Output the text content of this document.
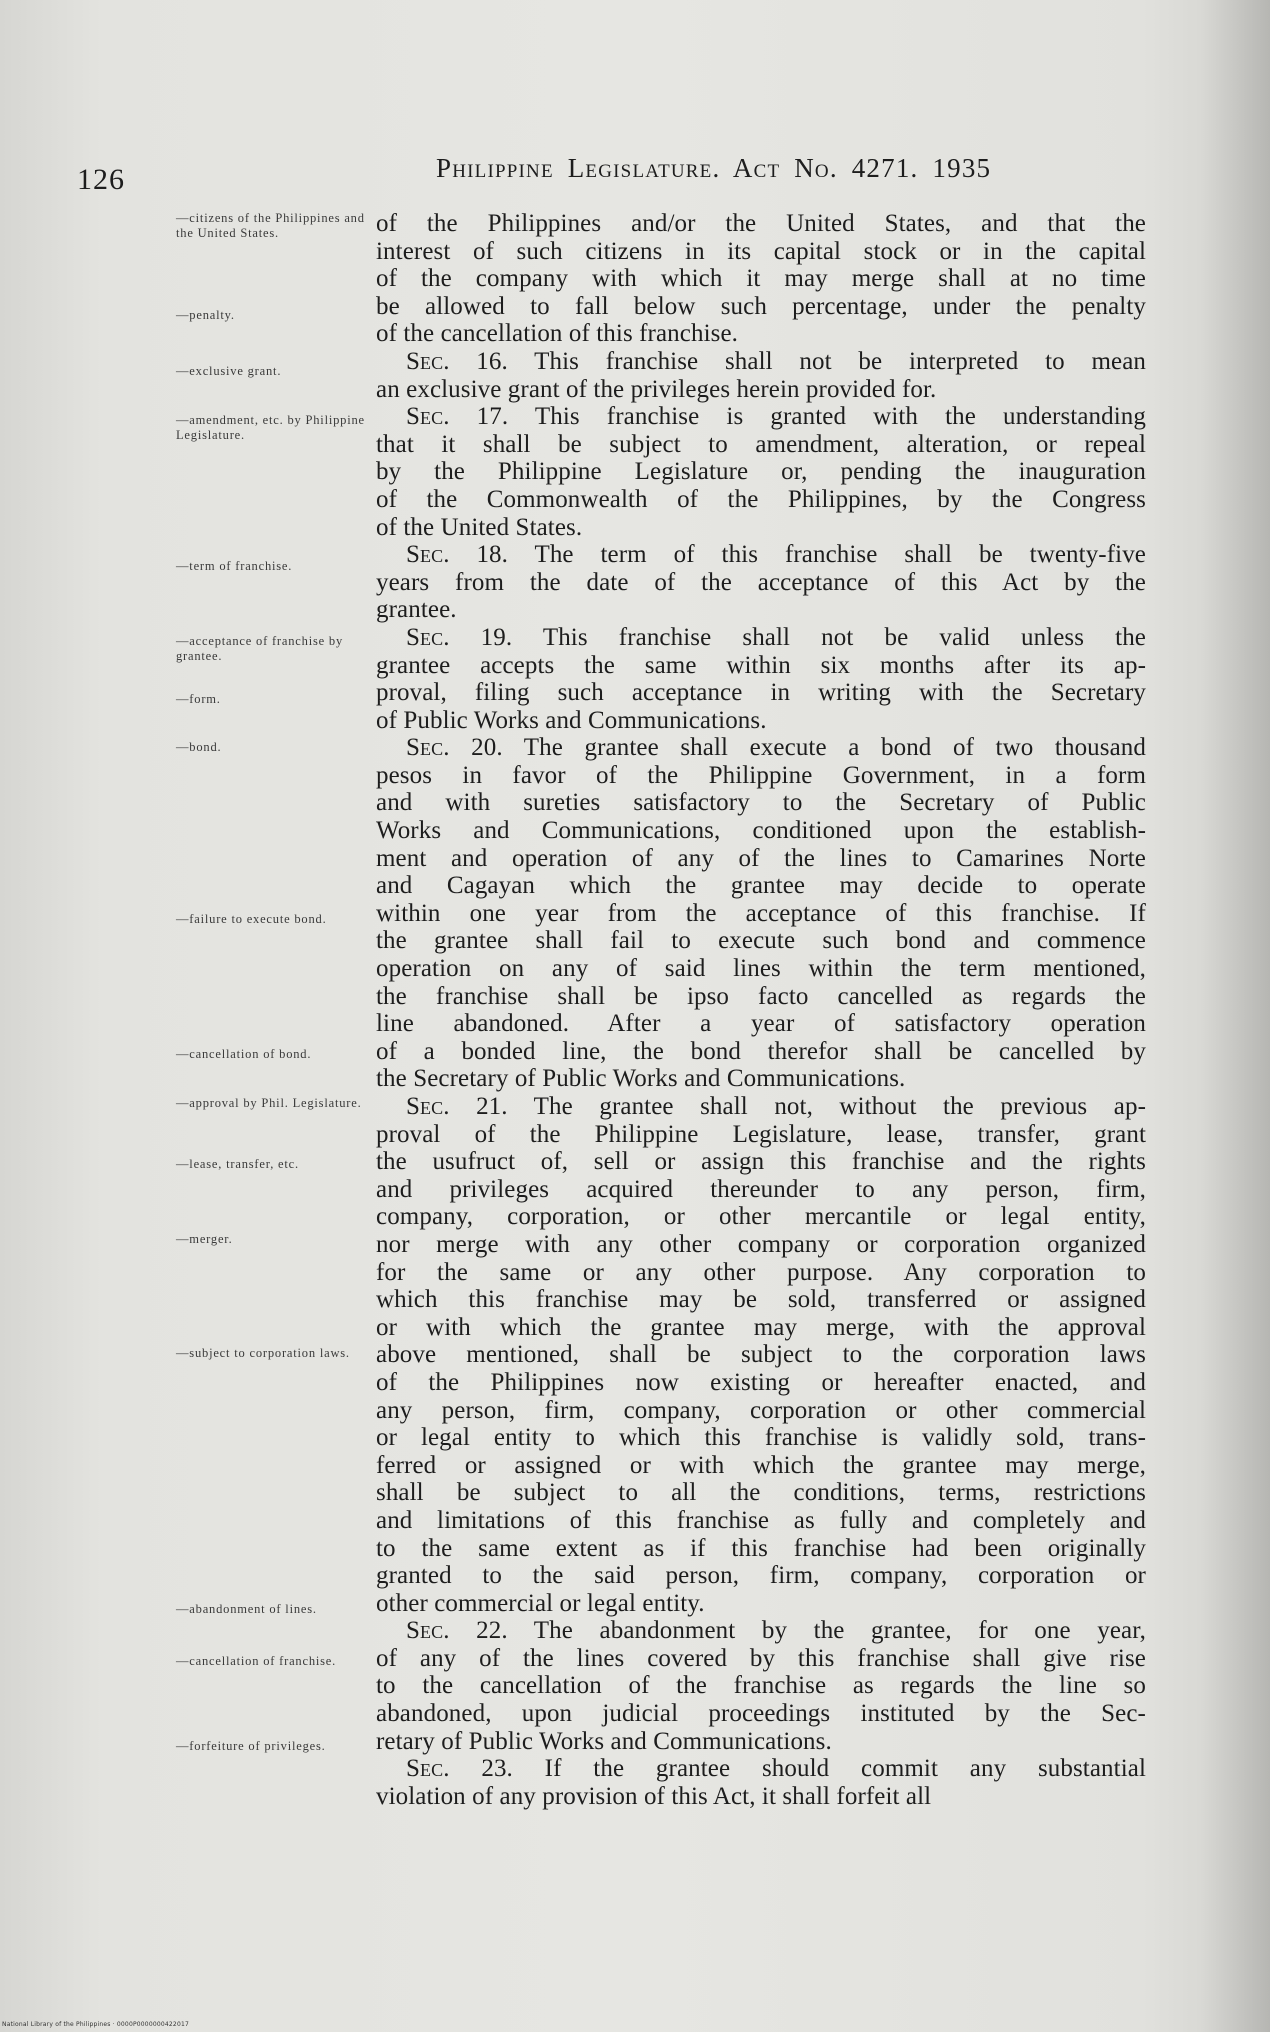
126	Philippine Legislature. Act No. 4271. 1935
—citizens of the Philippines and the United States.
—penalty.
—exclusive grant.
—amendment, etc. by Philippine Legislature.
—term of franchise.
—acceptance of franchise by grantee.
—form.
—bond.
—failure to execute bond.
—cancellation of bond.
—approval by Phil. Legislature.
—lease, transfer, etc.
—merger.
—subject to corporation laws.
—abandonment of lines.
—cancellation of franchise.
—forfeiture of privileges.
of the Philippines and/or the United States, and that the
interest of such citizens in its capital stock or in the capital
of the company with which it may merge shall at no time
be allowed to fall below such percentage, under the penalty
of the cancellation of this franchise.
Sec. 16. This franchise shall not be interpreted to mean
an exclusive grant of the privileges herein provided for.
Sec. 17. This franchise is granted with the understanding
that it shall be subject to amendment, alteration, or repeal
by the Philippine Legislature or, pending the inauguration
of the Commonwealth of the Philippines, by the Congress
of the United States.
Sec. 18. The term of this franchise shall be twenty-five
years from the date of the acceptance of this Act by the
grantee.
Sec. 19. This franchise shall not be valid unless the
grantee accepts the same within six months after its ap-
proval, filing such acceptance in writing with the Secretary
of Public Works and Communications.
Sec. 20. The grantee shall execute a bond of two thousand
pesos in favor of the Philippine Government, in a form
and with sureties satisfactory to the Secretary of Public
Works and Communications, conditioned upon the establish-
ment and operation of any of the lines to Camarines Norte
and Cagayan which the grantee may decide to operate
within one year from the acceptance of this franchise. If
the grantee shall fail to execute such bond and commence
operation on any of said lines within the term mentioned,
the franchise shall be ipso facto cancelled as regards the
line abandoned. After a year of satisfactory operation
of a bonded line, the bond therefor shall be cancelled by
the Secretary of Public Works and Communications.
Sec. 21. The grantee shall not, without the previous ap-
proval of the Philippine Legislature, lease, transfer, grant
the usufruct of, sell or assign this franchise and the rights
and privileges acquired thereunder to any person, firm,
company, corporation, or other mercantile or legal entity,
nor merge with any other company or corporation organized
for the same or any other purpose. Any corporation to
which this franchise may be sold, transferred or assigned
or with which the grantee may merge, with the approval
above mentioned, shall be subject to the corporation laws
of the Philippines now existing or hereafter enacted, and
any person, firm, company, corporation or other commercial
or legal entity to which this franchise is validly sold, trans-
ferred or assigned or with which the grantee may merge,
shall be subject to all the conditions, terms, restrictions
and limitations of this franchise as fully and completely and
to the same extent as if this franchise had been originally
granted to the said person, firm, company, corporation or
other commercial or legal entity.
Sec. 22. The abandonment by the grantee, for one year,
of any of the lines covered by this franchise shall give rise
to the cancellation of the franchise as regards the line so
abandoned, upon judicial proceedings instituted by the Sec-
retary of Public Works and Communications.
Sec. 23. If the grantee should commit any substantial
violation of any provision of this Act, it shall forfeit all
National Library of the Philippines · 0000P0000000422017
